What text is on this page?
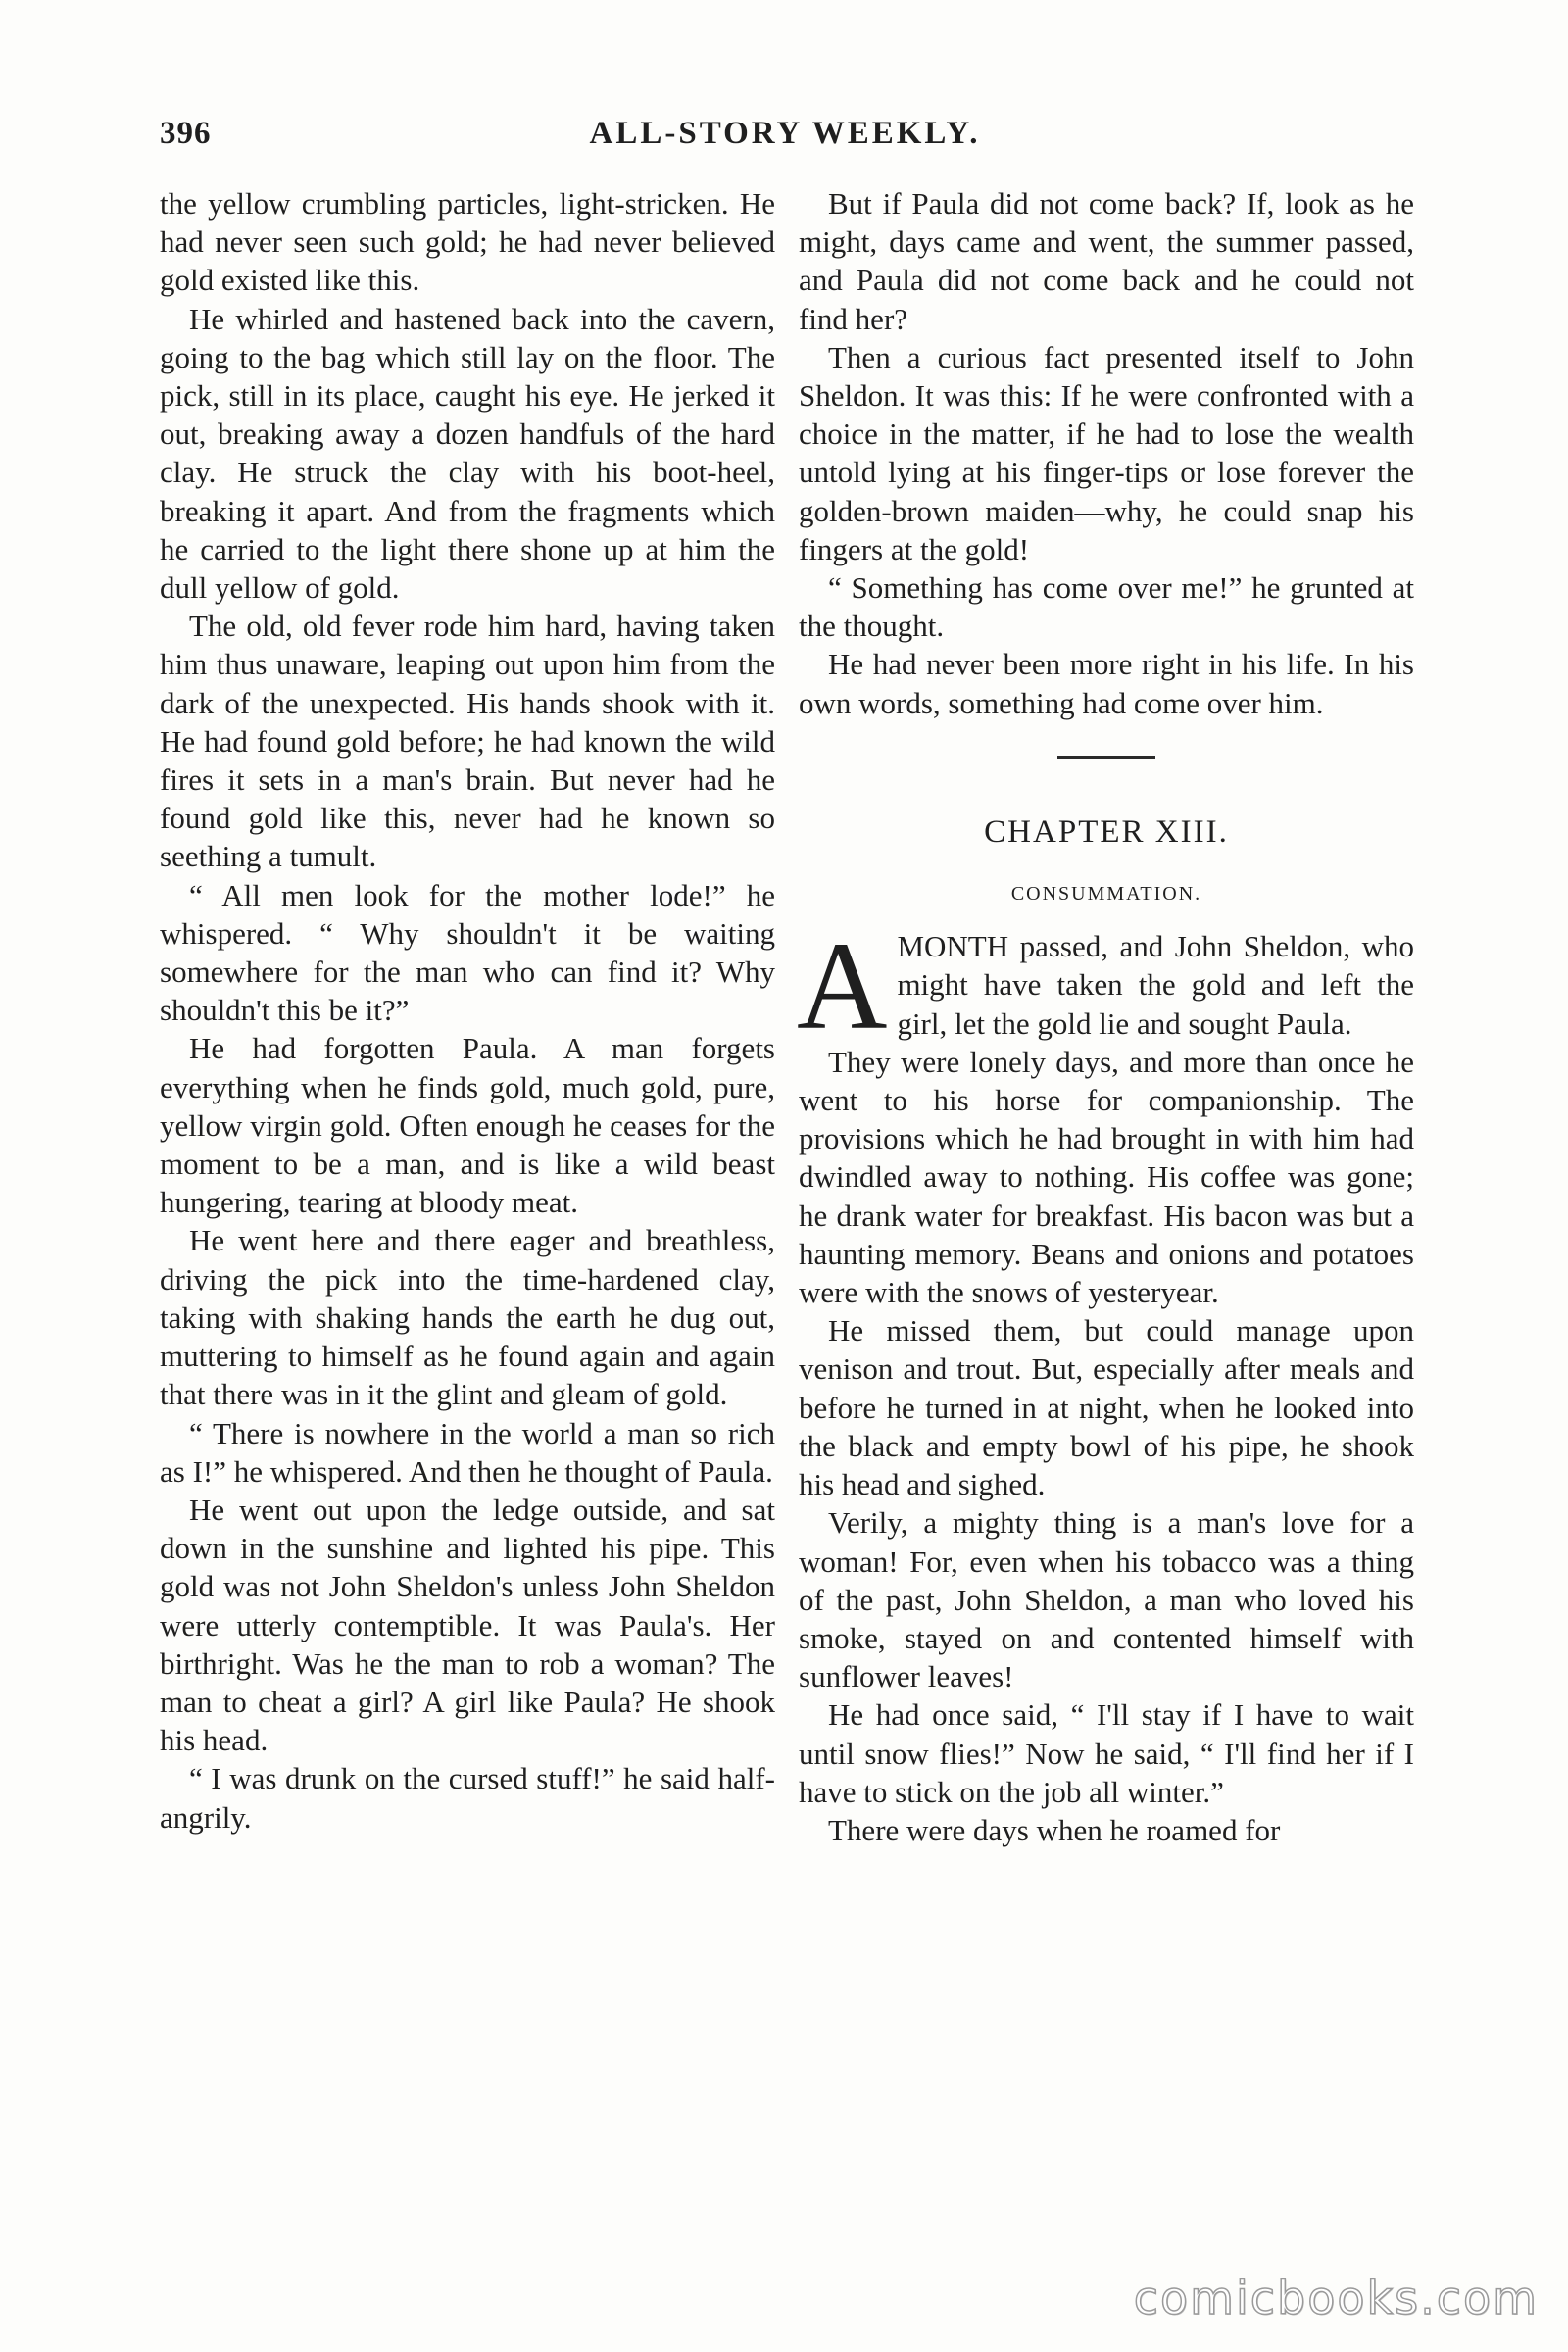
396	ALL-STORY WEEKLY.

the yellow crumbling particles, light-stricken. He had never seen such gold; he had never believed gold existed like this.

He whirled and hastened back into the cavern, going to the bag which still lay on the floor. The pick, still in its place, caught his eye. He jerked it out, breaking away a dozen handfuls of the hard clay. He struck the clay with his boot-heel, breaking it apart. And from the fragments which he carried to the light there shone up at him the dull yellow of gold.

The old, old fever rode him hard, having taken him thus unaware, leaping out upon him from the dark of the unexpected. His hands shook with it. He had found gold before; he had known the wild fires it sets in a man's brain. But never had he found gold like this, never had he known so seething a tumult.

“ All men look for the mother lode!” he whispered. “ Why shouldn't it be waiting somewhere for the man who can find it? Why shouldn't this be it?”

He had forgotten Paula. A man forgets everything when he finds gold, much gold, pure, yellow virgin gold. Often enough he ceases for the moment to be a man, and is like a wild beast hungering, tearing at bloody meat.

He went here and there eager and breathless, driving the pick into the time-hardened clay, taking with shaking hands the earth he dug out, muttering to himself as he found again and again that there was in it the glint and gleam of gold.

“ There is nowhere in the world a man so rich as I!” he whispered. And then he thought of Paula.

He went out upon the ledge outside, and sat down in the sunshine and lighted his pipe. This gold was not John Sheldon's unless John Sheldon were utterly contemptible. It was Paula's. Her birthright. Was he the man to rob a woman? The man to cheat a girl? A girl like Paula? He shook his head.

“ I was drunk on the cursed stuff!” he said half-angrily.

But if Paula did not come back? If, look as he might, days came and went, the summer passed, and Paula did not come back and he could not find her?

Then a curious fact presented itself to John Sheldon. It was this: If he were confronted with a choice in the matter, if he had to lose the wealth untold lying at his finger-tips or lose forever the golden-brown maiden—why, he could snap his fingers at the gold!

“ Something has come over me!” he grunted at the thought.

He had never been more right in his life. In his own words, something had come over him.

CHAPTER XIII.

CONSUMMATION.

AMONTH passed, and John Sheldon, who might have taken the gold and left the girl, let the gold lie and sought Paula.

They were lonely days, and more than once he went to his horse for companionship. The provisions which he had brought in with him had dwindled away to nothing. His coffee was gone; he drank water for breakfast. His bacon was but a haunting memory. Beans and onions and potatoes were with the snows of yesteryear.

He missed them, but could manage upon venison and trout. But, especially after meals and before he turned in at night, when he looked into the black and empty bowl of his pipe, he shook his head and sighed.

Verily, a mighty thing is a man's love for a woman! For, even when his tobacco was a thing of the past, John Sheldon, a man who loved his smoke, stayed on and contented himself with sunflower leaves!

He had once said, “ I'll stay if I have to wait until snow flies!” Now he said, “ I'll find her if I have to stick on the job all winter.”

There were days when he roamed for

comicbooks.com
